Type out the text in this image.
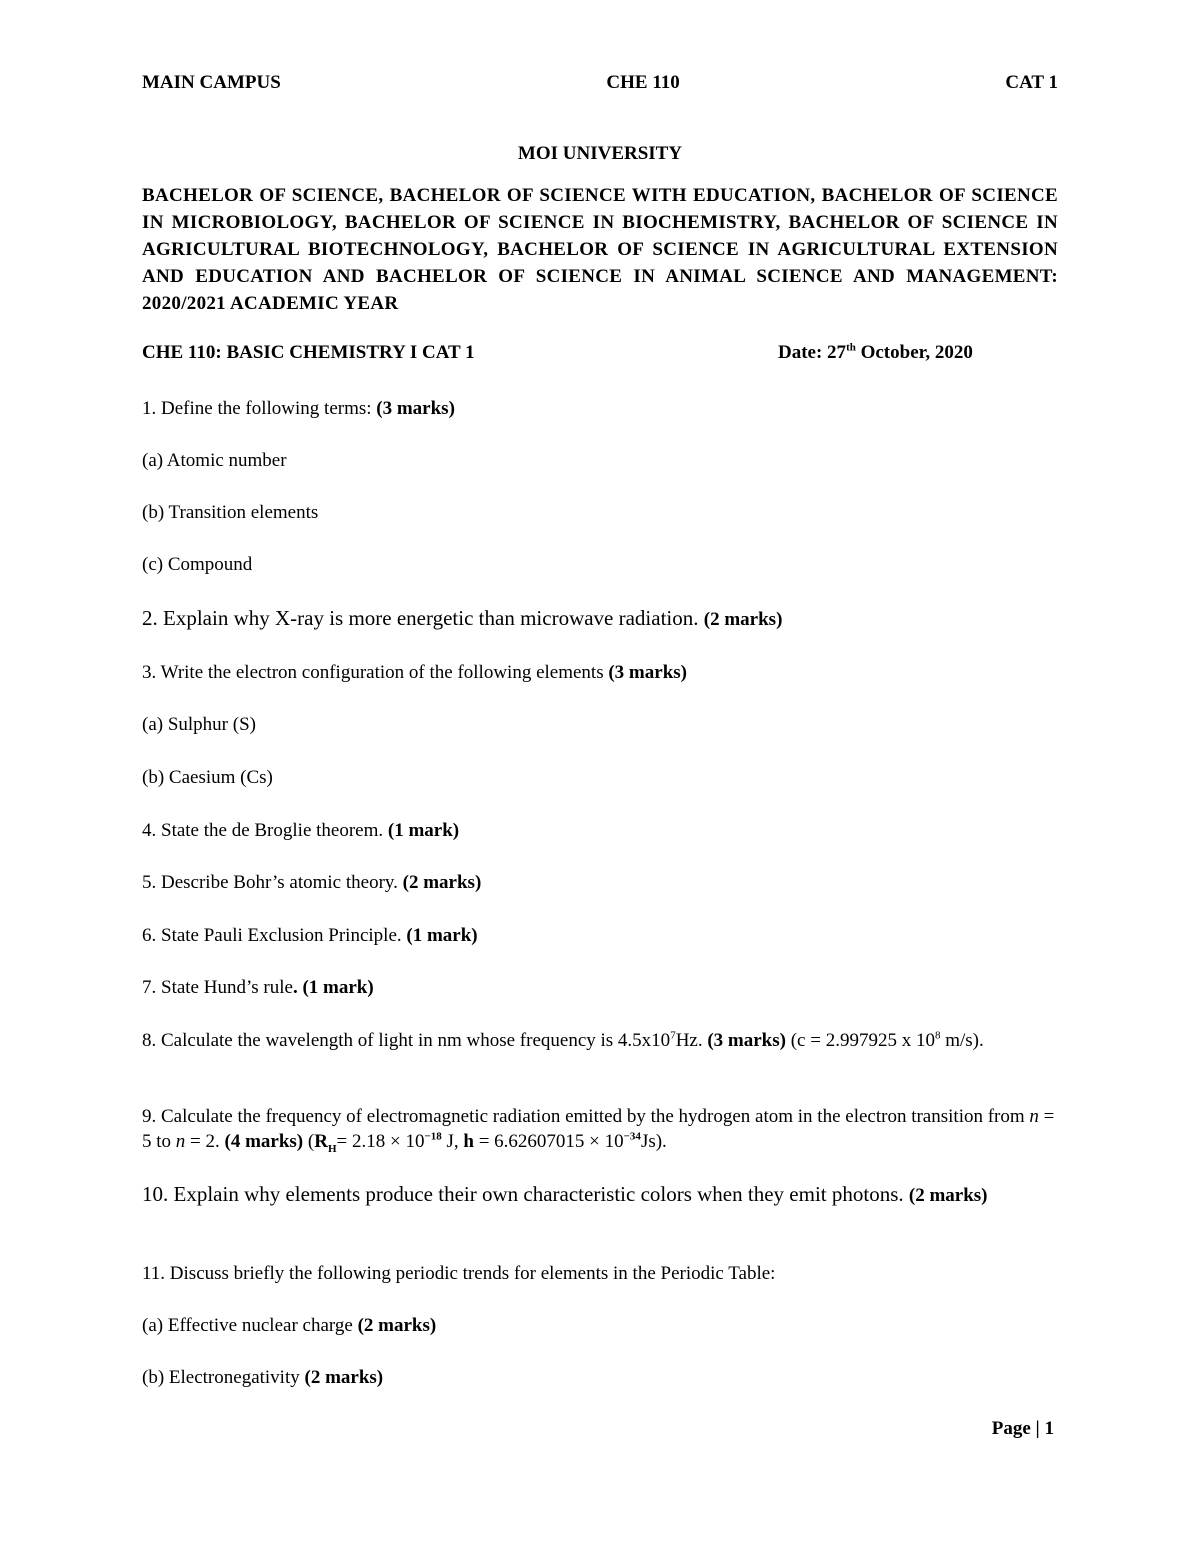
MAIN CAMPUS	CHE 110	CAT 1
MOI UNIVERSITY
BACHELOR OF SCIENCE, BACHELOR OF SCIENCE WITH EDUCATION, BACHELOR OF SCIENCE IN MICROBIOLOGY, BACHELOR OF SCIENCE IN BIOCHEMISTRY, BACHELOR OF SCIENCE IN AGRICULTURAL BIOTECHNOLOGY, BACHELOR OF SCIENCE IN AGRICULTURAL EXTENSION AND EDUCATION AND BACHELOR OF SCIENCE IN ANIMAL SCIENCE AND MANAGEMENT: 2020/2021 ACADEMIC YEAR
CHE 110: BASIC CHEMISTRY I CAT 1	Date: 27th October, 2020
1. Define the following terms: (3 marks)
(a) Atomic number
(b) Transition elements
(c) Compound
2. Explain why X-ray is more energetic than microwave radiation. (2 marks)
3. Write the electron configuration of the following elements (3 marks)
(a) Sulphur (S)
(b) Caesium (Cs)
4. State the de Broglie theorem. (1 mark)
5. Describe Bohr’s atomic theory. (2 marks)
6. State Pauli Exclusion Principle. (1 mark)
7. State Hund’s rule. (1 mark)
8. Calculate the wavelength of light in nm whose frequency is $4.5x10^7Hz$. (3 marks) (c = 2.997925 x $10^8$ m/s).
9. Calculate the frequency of electromagnetic radiation emitted by the hydrogen atom in the electron transition from n = 5 to n = 2. (4 marks) ($R_H= 2.18 \times 10^{-18}$ J, $h = 6.62607015 \times 10^{-34}Js$).
10. Explain why elements produce their own characteristic colors when they emit photons. (2 marks)
11. Discuss briefly the following periodic trends for elements in the Periodic Table:
(a) Effective nuclear charge (2 marks)
(b) Electronegativity (2 marks)
Page | 1
